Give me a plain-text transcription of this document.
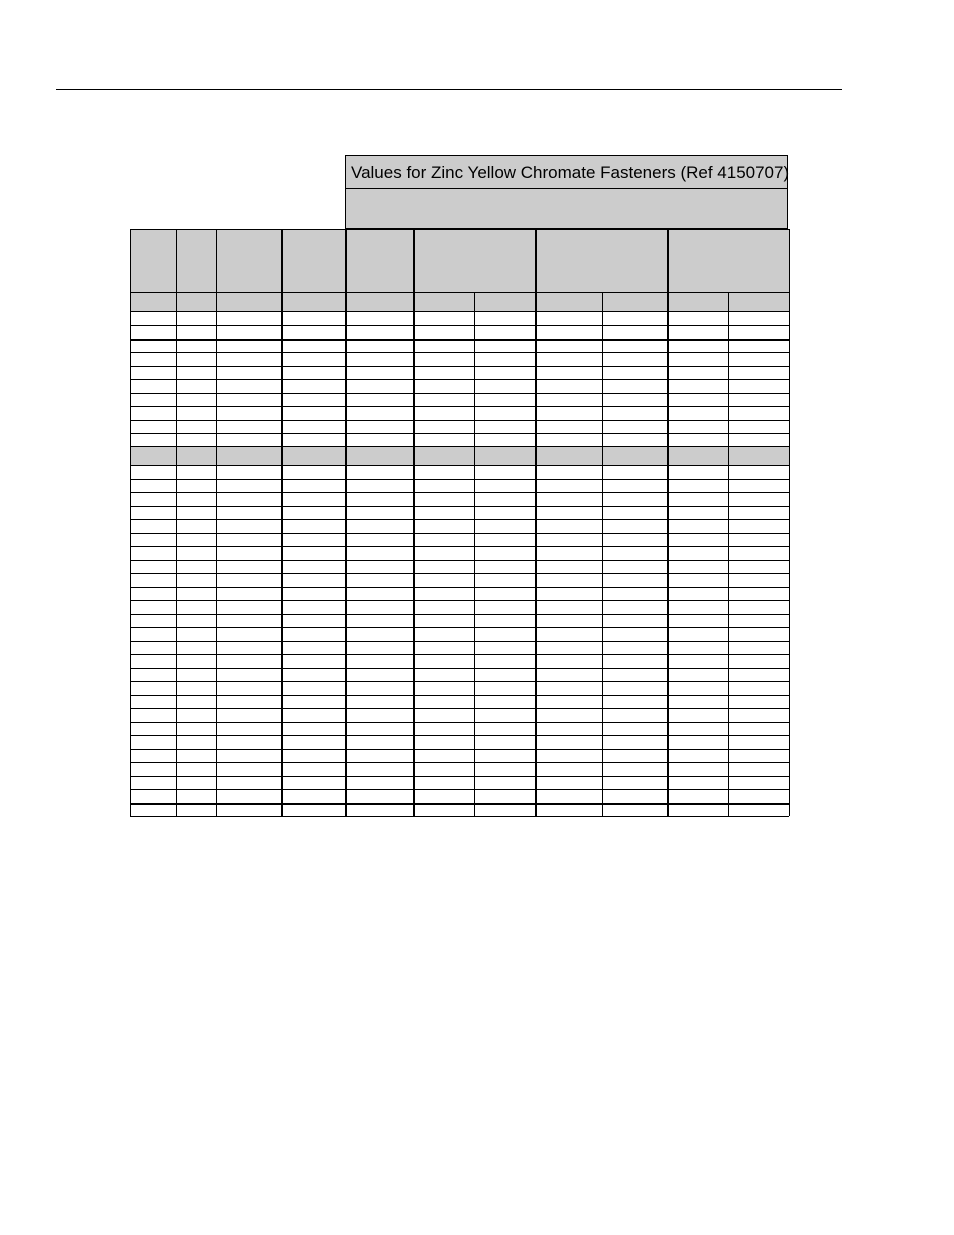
Values for Zinc Yellow Chromate Fasteners (Ref 4150707)
